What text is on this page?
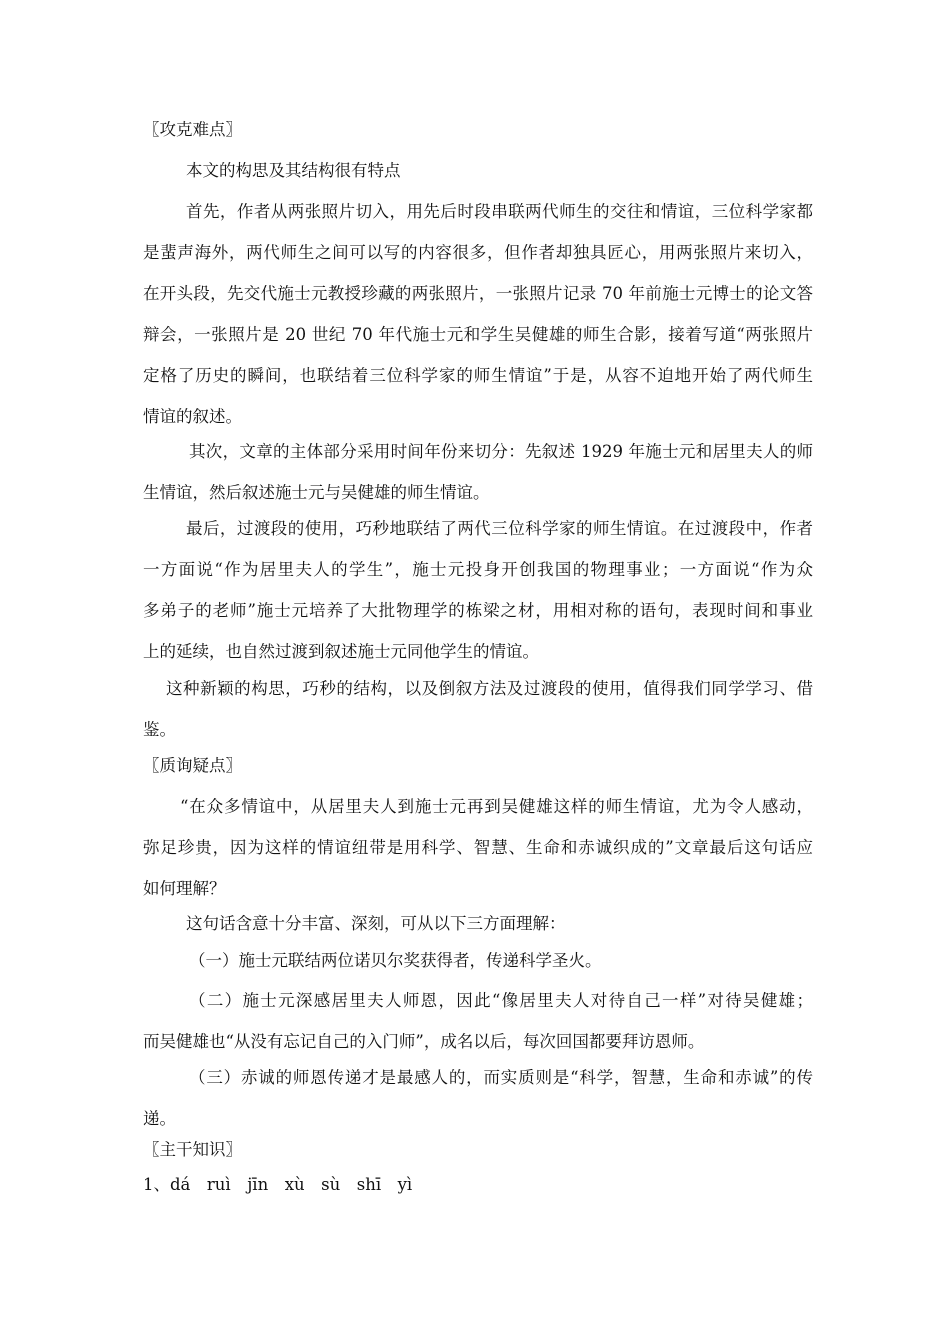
〖攻克难点〗
本文的构思及其结构很有特点
首先，作者从两张照片切入，用先后时段串联两代师生的交往和情谊，三位科学家都
是蜚声海外，两代师生之间可以写的内容很多，但作者却独具匠心，用两张照片来切入，
在开头段，先交代施士元教授珍藏的两张照片，一张照片记录 70 年前施士元博士的论文答
辩会，一张照片是 20 世纪 70 年代施士元和学生吴健雄的师生合影，接着写道“两张照片
定格了历史的瞬间，也联结着三位科学家的师生情谊”于是，从容不迫地开始了两代师生
情谊的叙述。
其次，文章的主体部分采用时间年份来切分：先叙述 1929 年施士元和居里夫人的师
生情谊，然后叙述施士元与吴健雄的师生情谊。
最后，过渡段的使用，巧秒地联结了两代三位科学家的师生情谊。在过渡段中，作者
一方面说“作为居里夫人的学生”，施士元投身开创我国的物理事业；一方面说“作为众
多弟子的老师”施士元培养了大批物理学的栋梁之材，用相对称的语句，表现时间和事业
上的延续，也自然过渡到叙述施士元同他学生的情谊。
这种新颖的构思，巧秒的结构，以及倒叙方法及过渡段的使用，值得我们同学学习、借
鉴。
〖质询疑点〗
“在众多情谊中，从居里夫人到施士元再到吴健雄这样的师生情谊，尤为令人感动，
弥足珍贵，因为这样的情谊纽带是用科学、智慧、生命和赤诚织成的”文章最后这句话应
如何理解？
这句话含意十分丰富、深刻，可从以下三方面理解：
（一）施士元联结两位诺贝尔奖获得者，传递科学圣火。
（二）施士元深感居里夫人师恩，因此“像居里夫人对待自己一样”对待吴健雄；
而吴健雄也“从没有忘记自己的入门师”，成名以后，每次回国都要拜访恩师。
（三）赤诚的师恩传递才是最感人的，而实质则是“科学，智慧，生命和赤诚”的传
递。
〖主干知识〗
1、dá　ruì　jīn　xù　sù　shī　yì
